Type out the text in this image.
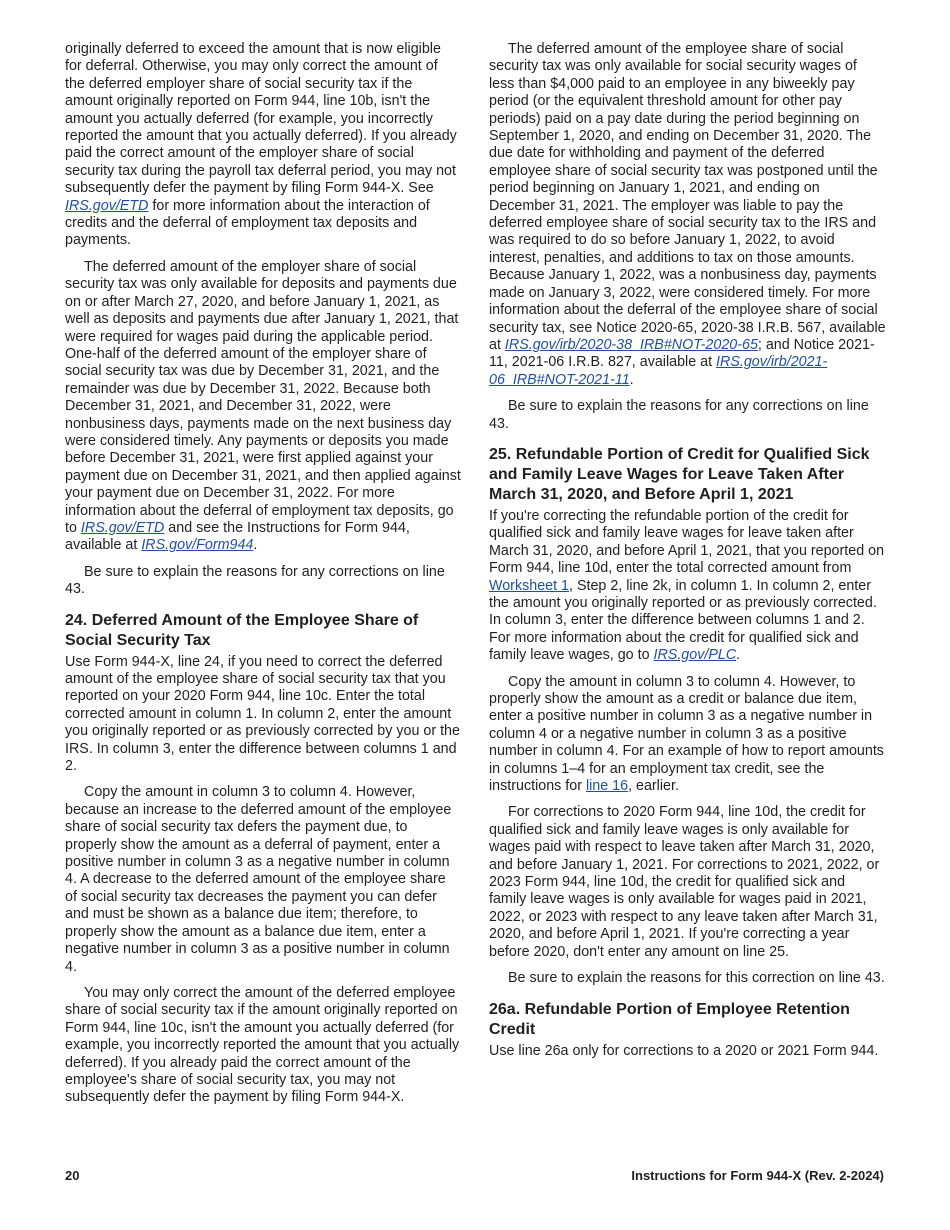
originally deferred to exceed the amount that is now eligible for deferral. Otherwise, you may only correct the amount of the deferred employer share of social security tax if the amount originally reported on Form 944, line 10b, isn't the amount you actually deferred (for example, you incorrectly reported the amount that you actually deferred). If you already paid the correct amount of the employer share of social security tax during the payroll tax deferral period, you may not subsequently defer the payment by filing Form 944-X. See IRS.gov/ETD for more information about the interaction of credits and the deferral of employment tax deposits and payments.

The deferred amount of the employer share of social security tax was only available for deposits and payments due on or after March 27, 2020, and before January 1, 2021, as well as deposits and payments due after January 1, 2021, that were required for wages paid during the applicable period. One-half of the deferred amount of the employer share of social security tax was due by December 31, 2021, and the remainder was due by December 31, 2022. Because both December 31, 2021, and December 31, 2022, were nonbusiness days, payments made on the next business day were considered timely. Any payments or deposits you made before December 31, 2021, were first applied against your payment due on December 31, 2021, and then applied against your payment due on December 31, 2022. For more information about the deferral of employment tax deposits, go to IRS.gov/ETD and see the Instructions for Form 944, available at IRS.gov/Form944.

Be sure to explain the reasons for any corrections on line 43.

24. Deferred Amount of the Employee Share of Social Security Tax

Use Form 944-X, line 24, if you need to correct the deferred amount of the employee share of social security tax that you reported on your 2020 Form 944, line 10c. Enter the total corrected amount in column 1. In column 2, enter the amount you originally reported or as previously corrected by you or the IRS. In column 3, enter the difference between columns 1 and 2.

Copy the amount in column 3 to column 4. However, because an increase to the deferred amount of the employee share of social security tax defers the payment due, to properly show the amount as a deferral of payment, enter a positive number in column 3 as a negative number in column 4. A decrease to the deferred amount of the employee share of social security tax decreases the payment you can defer and must be shown as a balance due item; therefore, to properly show the amount as a balance due item, enter a negative number in column 3 as a positive number in column 4.

You may only correct the amount of the deferred employee share of social security tax if the amount originally reported on Form 944, line 10c, isn't the amount you actually deferred (for example, you incorrectly reported the amount that you actually deferred). If you already paid the correct amount of the employee's share of social security tax, you may not subsequently defer the payment by filing Form 944-X.

The deferred amount of the employee share of social security tax was only available for social security wages of less than $4,000 paid to an employee in any biweekly pay period (or the equivalent threshold amount for other pay periods) paid on a pay date during the period beginning on September 1, 2020, and ending on December 31, 2020. The due date for withholding and payment of the deferred employee share of social security tax was postponed until the period beginning on January 1, 2021, and ending on December 31, 2021. The employer was liable to pay the deferred employee share of social security tax to the IRS and was required to do so before January 1, 2022, to avoid interest, penalties, and additions to tax on those amounts. Because January 1, 2022, was a nonbusiness day, payments made on January 3, 2022, were considered timely. For more information about the deferral of the employee share of social security tax, see Notice 2020-65, 2020-38 I.R.B. 567, available at IRS.gov/irb/2020-38_IRB#NOT-2020-65; and Notice 2021-11, 2021-06 I.R.B. 827, available at IRS.gov/irb/2021-06_IRB#NOT-2021-11.

Be sure to explain the reasons for any corrections on line 43.

25. Refundable Portion of Credit for Qualified Sick and Family Leave Wages for Leave Taken After March 31, 2020, and Before April 1, 2021

If you're correcting the refundable portion of the credit for qualified sick and family leave wages for leave taken after March 31, 2020, and before April 1, 2021, that you reported on Form 944, line 10d, enter the total corrected amount from Worksheet 1, Step 2, line 2k, in column 1. In column 2, enter the amount you originally reported or as previously corrected. In column 3, enter the difference between columns 1 and 2. For more information about the credit for qualified sick and family leave wages, go to IRS.gov/PLC.

Copy the amount in column 3 to column 4. However, to properly show the amount as a credit or balance due item, enter a positive number in column 3 as a negative number in column 4 or a negative number in column 3 as a positive number in column 4. For an example of how to report amounts in columns 1–4 for an employment tax credit, see the instructions for line 16, earlier.

For corrections to 2020 Form 944, line 10d, the credit for qualified sick and family leave wages is only available for wages paid with respect to leave taken after March 31, 2020, and before January 1, 2021. For corrections to 2021, 2022, or 2023 Form 944, line 10d, the credit for qualified sick and family leave wages is only available for wages paid in 2021, 2022, or 2023 with respect to any leave taken after March 31, 2020, and before April 1, 2021. If you're correcting a year before 2020, don't enter any amount on line 25.

Be sure to explain the reasons for this correction on line 43.

26a. Refundable Portion of Employee Retention Credit

Use line 26a only for corrections to a 2020 or 2021 Form 944.

20	Instructions for Form 944-X (Rev. 2-2024)
